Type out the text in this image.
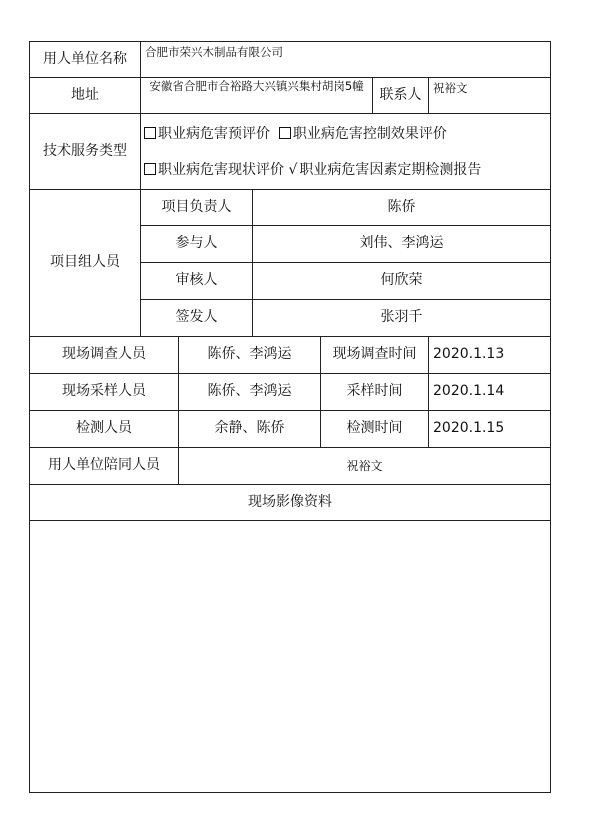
用人单位名称	合肥市荣兴木制品有限公司					
地址	安徽省合肥市合裕路大兴镇兴集村胡岗5幢				联系人	祝裕文
技术服务类型	职业病危害预评价 职业病危害控制效果评价
职业病危害现状评价 √ 职业病危害因素定期检测报告					

项目组人员	项目负责人		陈侨			
	参与人		刘伟、李鸿运			
	审核人		何欣荣			
	签发人		张羽千			
现场调查人员		陈侨、李鸿运		现场调查时间		2020.1.13
现场采样人员		陈侨、李鸿运		采样时间		2020.1.14
检测人员		余静、陈侨		检测时间		2020.1.15
用人单位陪同人员		祝裕文				
现场影像资料						
